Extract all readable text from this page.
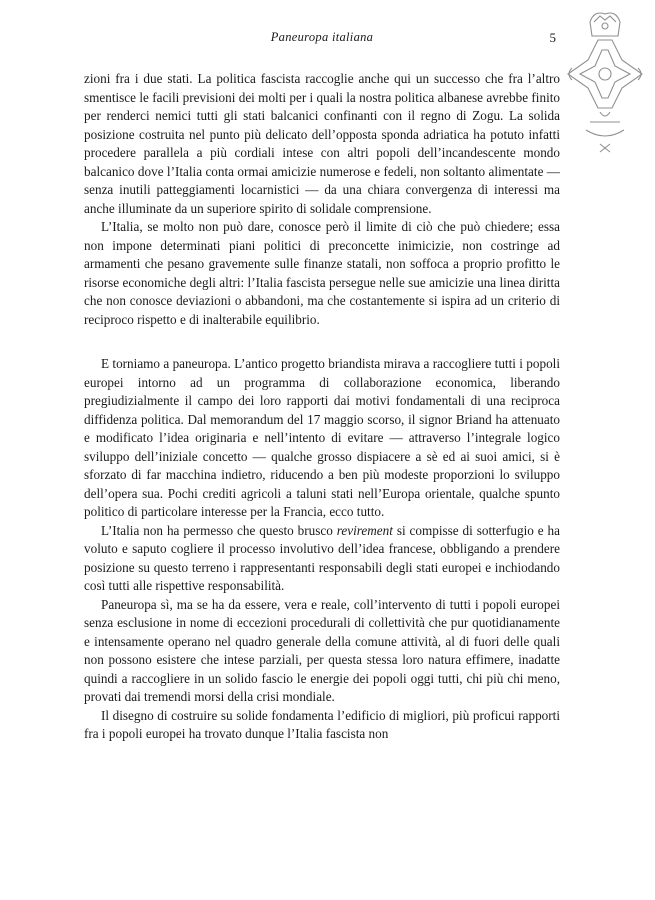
Paneuropa italiana	5

zioni fra i due stati. La politica fascista raccoglie anche qui un successo che fra l’altro smentisce le facili previsioni dei molti per i quali la nostra politica albanese avrebbe finito per renderci nemici tutti gli stati balcanici confinanti con il regno di Zogu. La solida posizione costruita nel punto più delicato dell’opposta sponda adriatica ha potuto infatti procedere parallela a più cordiali intese con altri popoli dell’incandescente mondo balcanico dove l’Italia conta ormai amicizie numerose e fedeli, non soltanto alimentate — senza inutili patteggiamenti locarnistici — da una chiara convergenza di interessi ma anche illuminate da un superiore spirito di solidale comprensione.

L’Italia, se molto non può dare, conosce però il limite di ciò che può chiedere; essa non impone determinati piani politici di preconcette inimicizie, non costringe ad armamenti che pesano gravemente sulle finanze statali, non soffoca a proprio profitto le risorse economiche degli altri: l’Italia fascista persegue nelle sue amicizie una linea diritta che non conosce deviazioni o abbandoni, ma che costantemente si ispira ad un criterio di reciproco rispetto e di inalterabile equilibrio.

E torniamo a paneuropa. L’antico progetto briandista mirava a raccogliere tutti i popoli europei intorno ad un programma di collaborazione economica, liberando pregiudizialmente il campo dei loro rapporti dai motivi fondamentali di una reciproca diffidenza politica. Dal memorandum del 17 maggio scorso, il signor Briand ha attenuato e modificato l’idea originaria e nell’intento di evitare — attraverso l’integrale logico sviluppo dell’iniziale concetto — qualche grosso dispiacere a sè ed ai suoi amici, si è sforzato di far macchina indietro, riducendo a ben più modeste proporzioni lo sviluppo dell’opera sua. Pochi crediti agricoli a taluni stati nell’Europa orientale, qualche spunto politico di particolare interesse per la Francia, ecco tutto.

L’Italia non ha permesso che questo brusco revirement si compisse di sotterfugio e ha voluto e saputo cogliere il processo involutivo dell’idea francese, obbligando a prendere posizione su questo terreno i rappresentanti responsabili degli stati europei e inchiodando così tutti alle rispettive responsabilità.

Paneuropa sì, ma se ha da essere, vera e reale, coll’intervento di tutti i popoli europei senza esclusione in nome di eccezioni procedurali di collettività che pur quotidianamente e intensamente operano nel quadro generale della comune attività, al di fuori delle quali non possono esistere che intese parziali, per questa stessa loro natura effimere, inadatte quindi a raccogliere in un solido fascio le energie dei popoli oggi tutti, chi più chi meno, provati dai tremendi morsi della crisi mondiale.

Il disegno di costruire su solide fondamenta l’edificio di migliori, più proficui rapporti fra i popoli europei ha trovato dunque l’Italia fascista non
